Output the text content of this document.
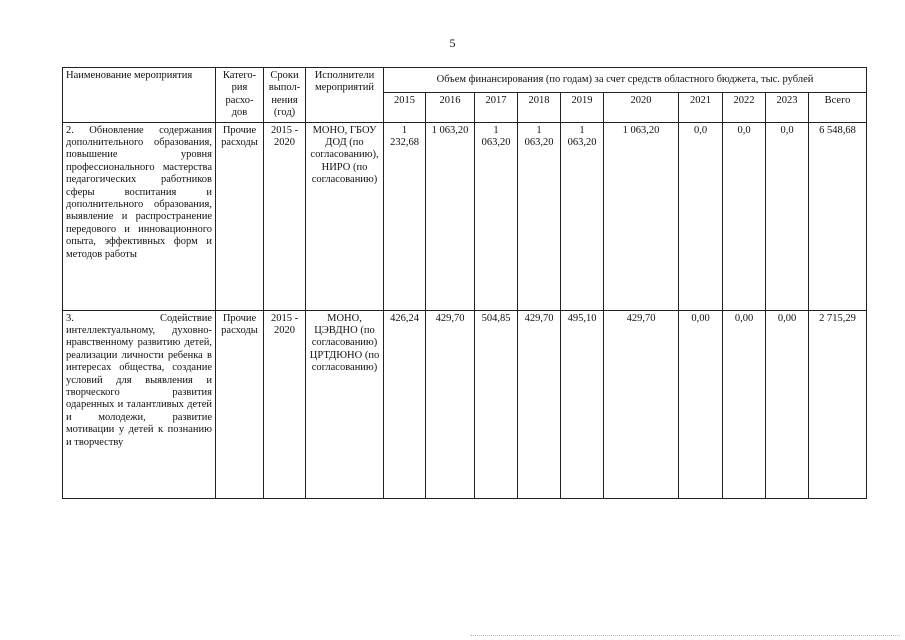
5
Наименование мероприятия	Катего-рия расхо-дов	Сроки выпол-нения (год)	Исполнители мероприятий	Объем финансирования (по годам) за счет средств областного бюджета, тыс. рублей									
				2015	2016	2017	2018	2019	2020	2021	2022	2023	Всего
2. Обновление содержания дополнительного образования, повышение уровня профессионального мастерства педагогических работников сферы воспитания и дополнительного образования, выявление и распространение передового и инновационного опыта, эффективных форм и методов работы	Прочие расходы	2015 - 2020	МОНО, ГБОУ ДОД (по согласованию), НИРО (по согласованию)	1 232,68	1 063,20	1 063,20	1 063,20	1 063,20	1 063,20	0,0	0,0	0,0	6 548,68
3. Содействие интеллектуальному, духовно-нравственному развитию детей, реализации личности ребенка в интересах общества, создание условий для выявления и творческого развития одаренных и талантливых детей и молодежи, развитие мотивации у детей к познанию и творчеству	Прочие расходы	2015 - 2020	МОНО, ЦЭВДНО (по согласованию) ЦРТДЮНО (по согласованию)	426,24	429,70	504,85	429,70	495,10	429,70	0,00	0,00	0,00	2 715,29
